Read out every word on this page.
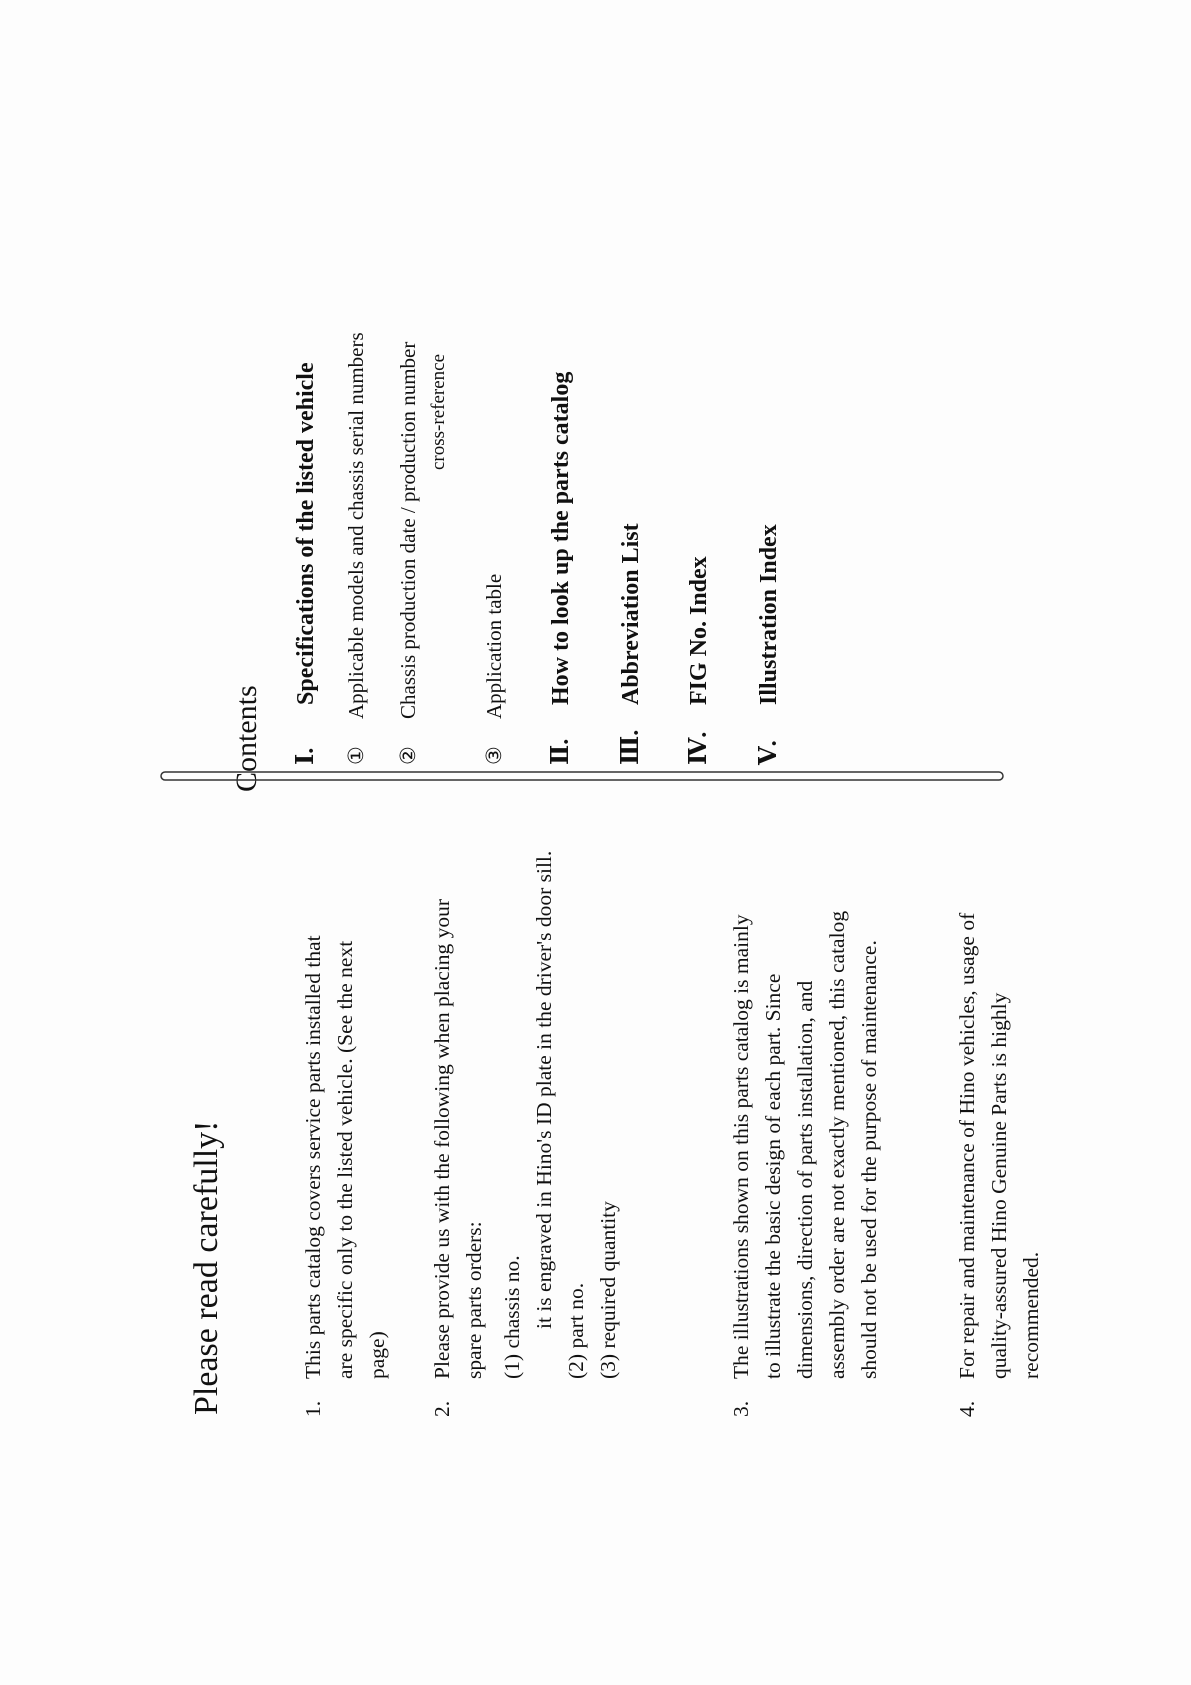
Please read carefully!	1.
This parts catalog covers service parts installed that are specific only to the listed vehicle. (See the next page)
2.
Please provide us with the following when placing your spare parts orders: (1) chassis no. it is engraved in Hino's ID plate in the driver's door sill.
(2) part no. (3) required quantity
3.
The illustrations shown on this parts catalog is mainly to illustrate the basic design of each part. Since dimensions, direction of parts installation, and assembly order are not exactly mentioned, this catalog should not be used for the purpose of maintenance.
4.
For repair and maintenance of Hino vehicles, usage of quality-assured Hino Genuine Parts is highly recommended.
Contents Ⅰ.Specifications of the listed vehicle
①Applicable models and chassis serial numbers
②Chassis production date / production number cross-reference
③Application table
Ⅱ.How to look up the parts catalog
Ⅲ.Abbreviation List
Ⅳ.FIG No. Index
Ⅴ.Illustration Index
